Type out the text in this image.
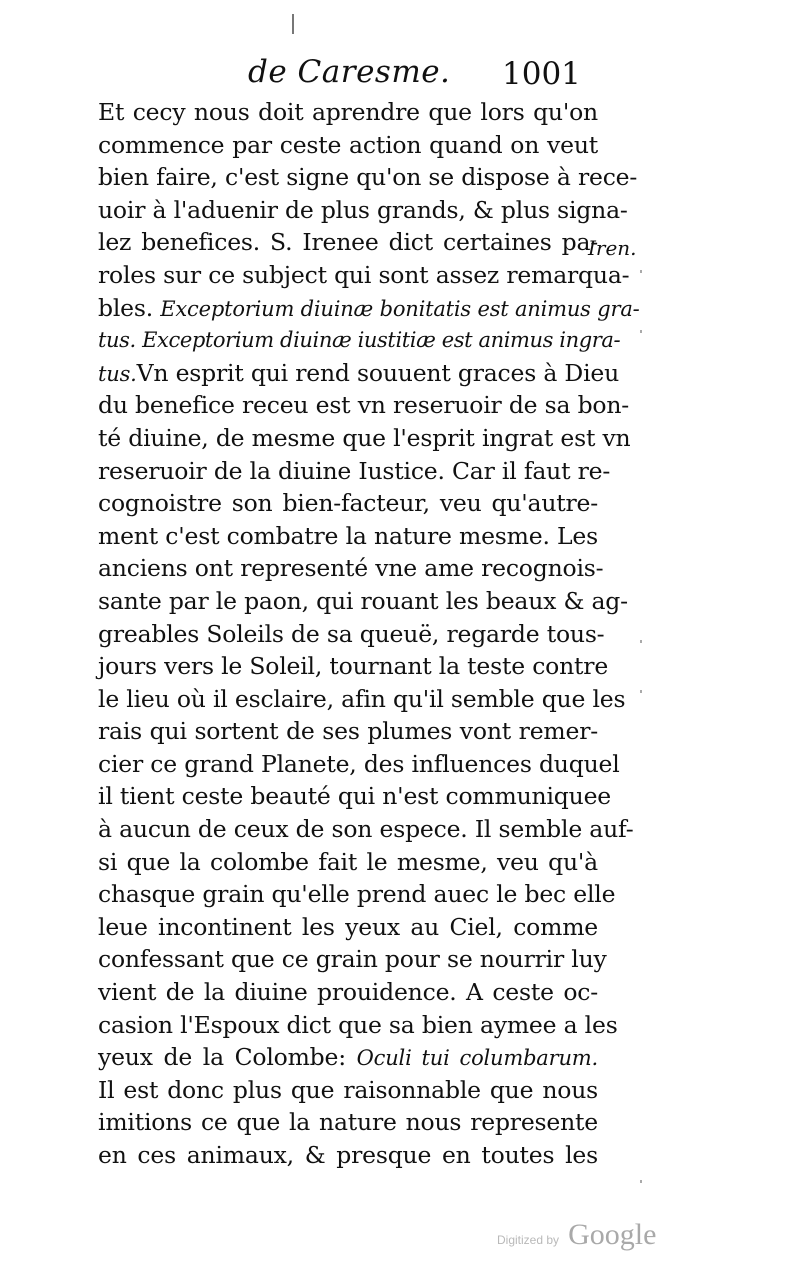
de Caresme. 1001
Iren.
Et cecy nous doit aprendre que lors qu'on
commence par ceste action quand on veut
bien faire, c'est signe qu'on se dispose à rece-
uoir à l'aduenir de plus grands, & plus signa-
lez benefices. S. Irenee dict certaines pa-
roles sur ce subject qui sont assez remarqua-
bles. Exceptorium diuinæ bonitatis est animus gra-
tus. Exceptorium diuinæ iustitiæ est animus ingra-
tus.Vn esprit qui rend souuent graces à Dieu
du benefice receu est vn reseruoir de sa bon-
té diuine, de mesme que l'esprit ingrat est vn
reseruoir de la diuine Iustice. Car il faut re-
cognoistre son bien-facteur, veu qu'autre-
ment c'est combatre la nature mesme. Les
anciens ont representé vne ame recognois-
sante par le paon, qui rouant les beaux & ag-
greables Soleils de sa queuë, regarde tous-
jours vers le Soleil, tournant la teste contre
le lieu où il esclaire, afin qu'il semble que les
rais qui sortent de ses plumes vont remer-
cier ce grand Planete, des influences duquel
il tient ceste beauté qui n'est communiquee
à aucun de ceux de son espece. Il semble auf-
si que la colombe fait le mesme, veu qu'à
chasque grain qu'elle prend auec le bec elle
leue incontinent les yeux au Ciel, comme
confessant que ce grain pour se nourrir luy
vient de la diuine prouidence. A ceste oc-
casion l'Espoux dict que sa bien aymee a les
yeux de la Colombe: Oculi tui columbarum.
Il est donc plus que raisonnable que nous
imitions ce que la nature nous represente
en ces animaux, & presque en toutes les
Digitized by Google
